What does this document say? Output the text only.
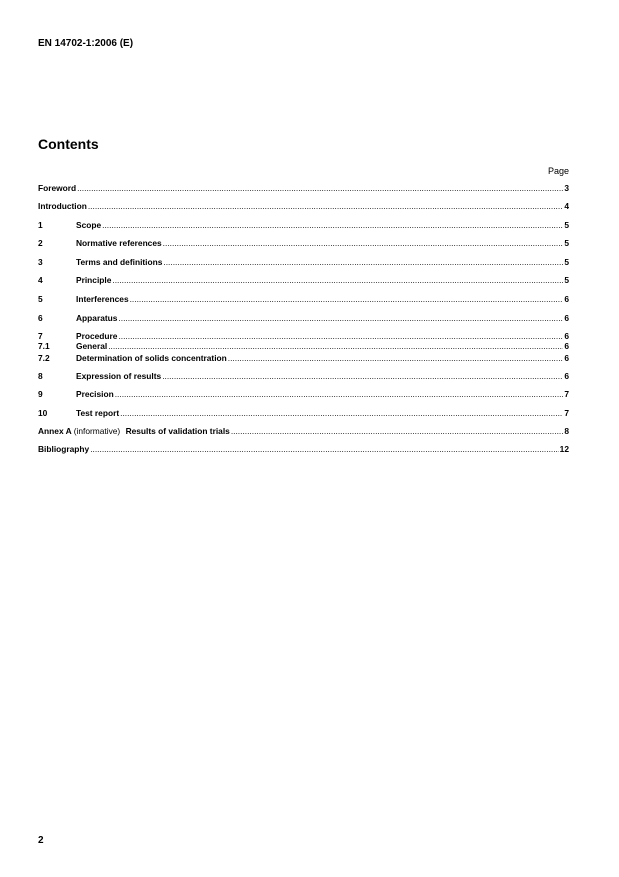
EN 14702-1:2006 (E)
Contents
Page
Foreword .....	3
Introduction .....	4
1	Scope .....	5
2	Normative references .....	5
3	Terms and definitions .....	5
4	Principle .....	5
5	Interferences .....	6
6	Apparatus .....	6
7	Procedure .....	6
7.1	General .....	6
7.2	Determination of solids concentration .....	6
8	Expression of results .....	6
9	Precision .....	7
10	Test report .....	7
Annex A (informative) Results of validation trials .....	8
Bibliography .....	12
2
